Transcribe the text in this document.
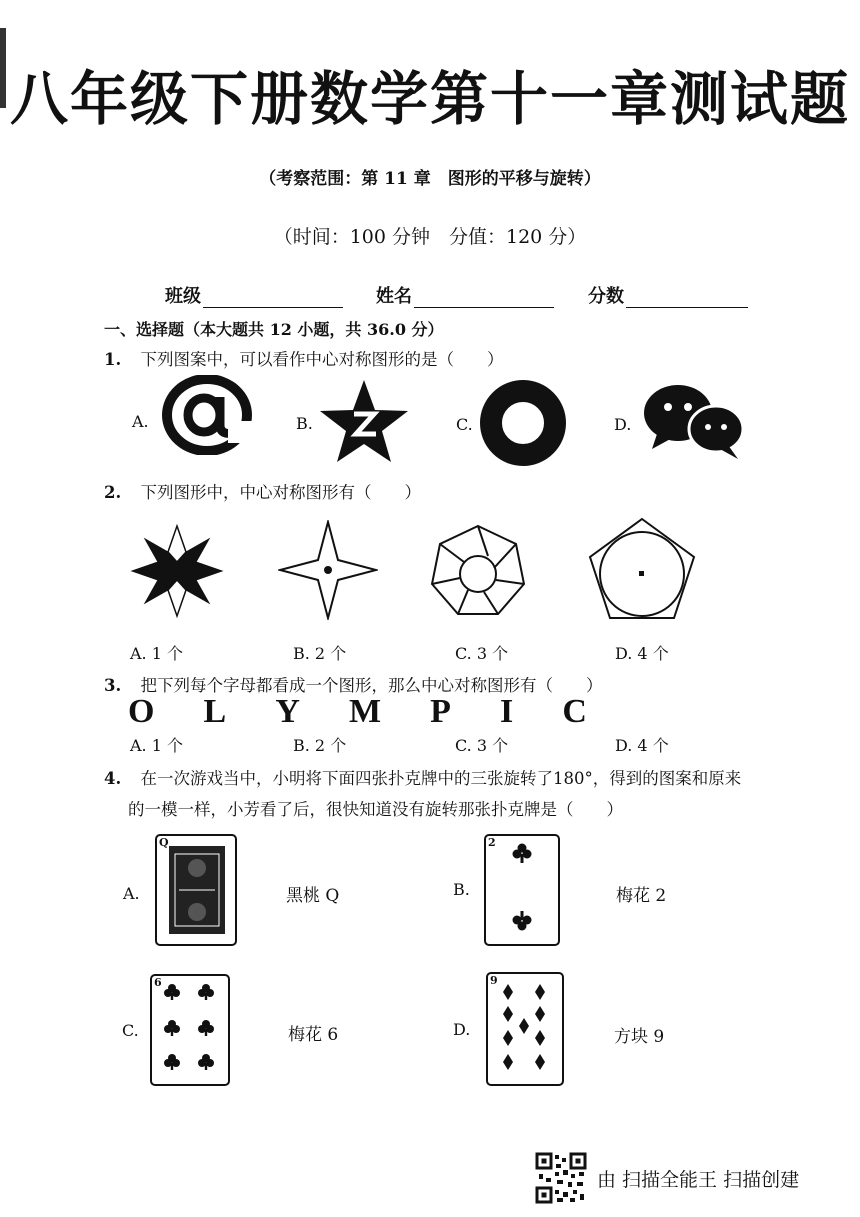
八年级下册数学第十一章测试题
（考察范围：第 11 章　图形的平移与旋转）
（时间：100 分钟　分值：120 分）
班级	姓名	分数
一、选择题（本大题共 12 小题，共 36.0 分）
1. 下列图案中，可以看作中心对称图形的是（　　）
A.	B.	C.	D.
2. 下列图形中，中心对称图形有（　　）
A. 1 个	B. 2 个	C. 3 个	D. 4 个
3. 把下列每个字母都看成一个图形，那么中心对称图形有（　　）
O L Y M P I C
A. 1 个	B. 2 个	C. 3 个	D. 4 个
4. 在一次游戏当中，小明将下面四张扑克牌中的三张旋转了180°，得到的图案和原来
的一模一样，小芳看了后，很快知道没有旋转那张扑克牌是（　　）
A.
Q
黑桃 Q	B.
2
梅花 2
C.
6
梅花 6	D.
9
方块 9
由 扫描全能王 扫描创建
